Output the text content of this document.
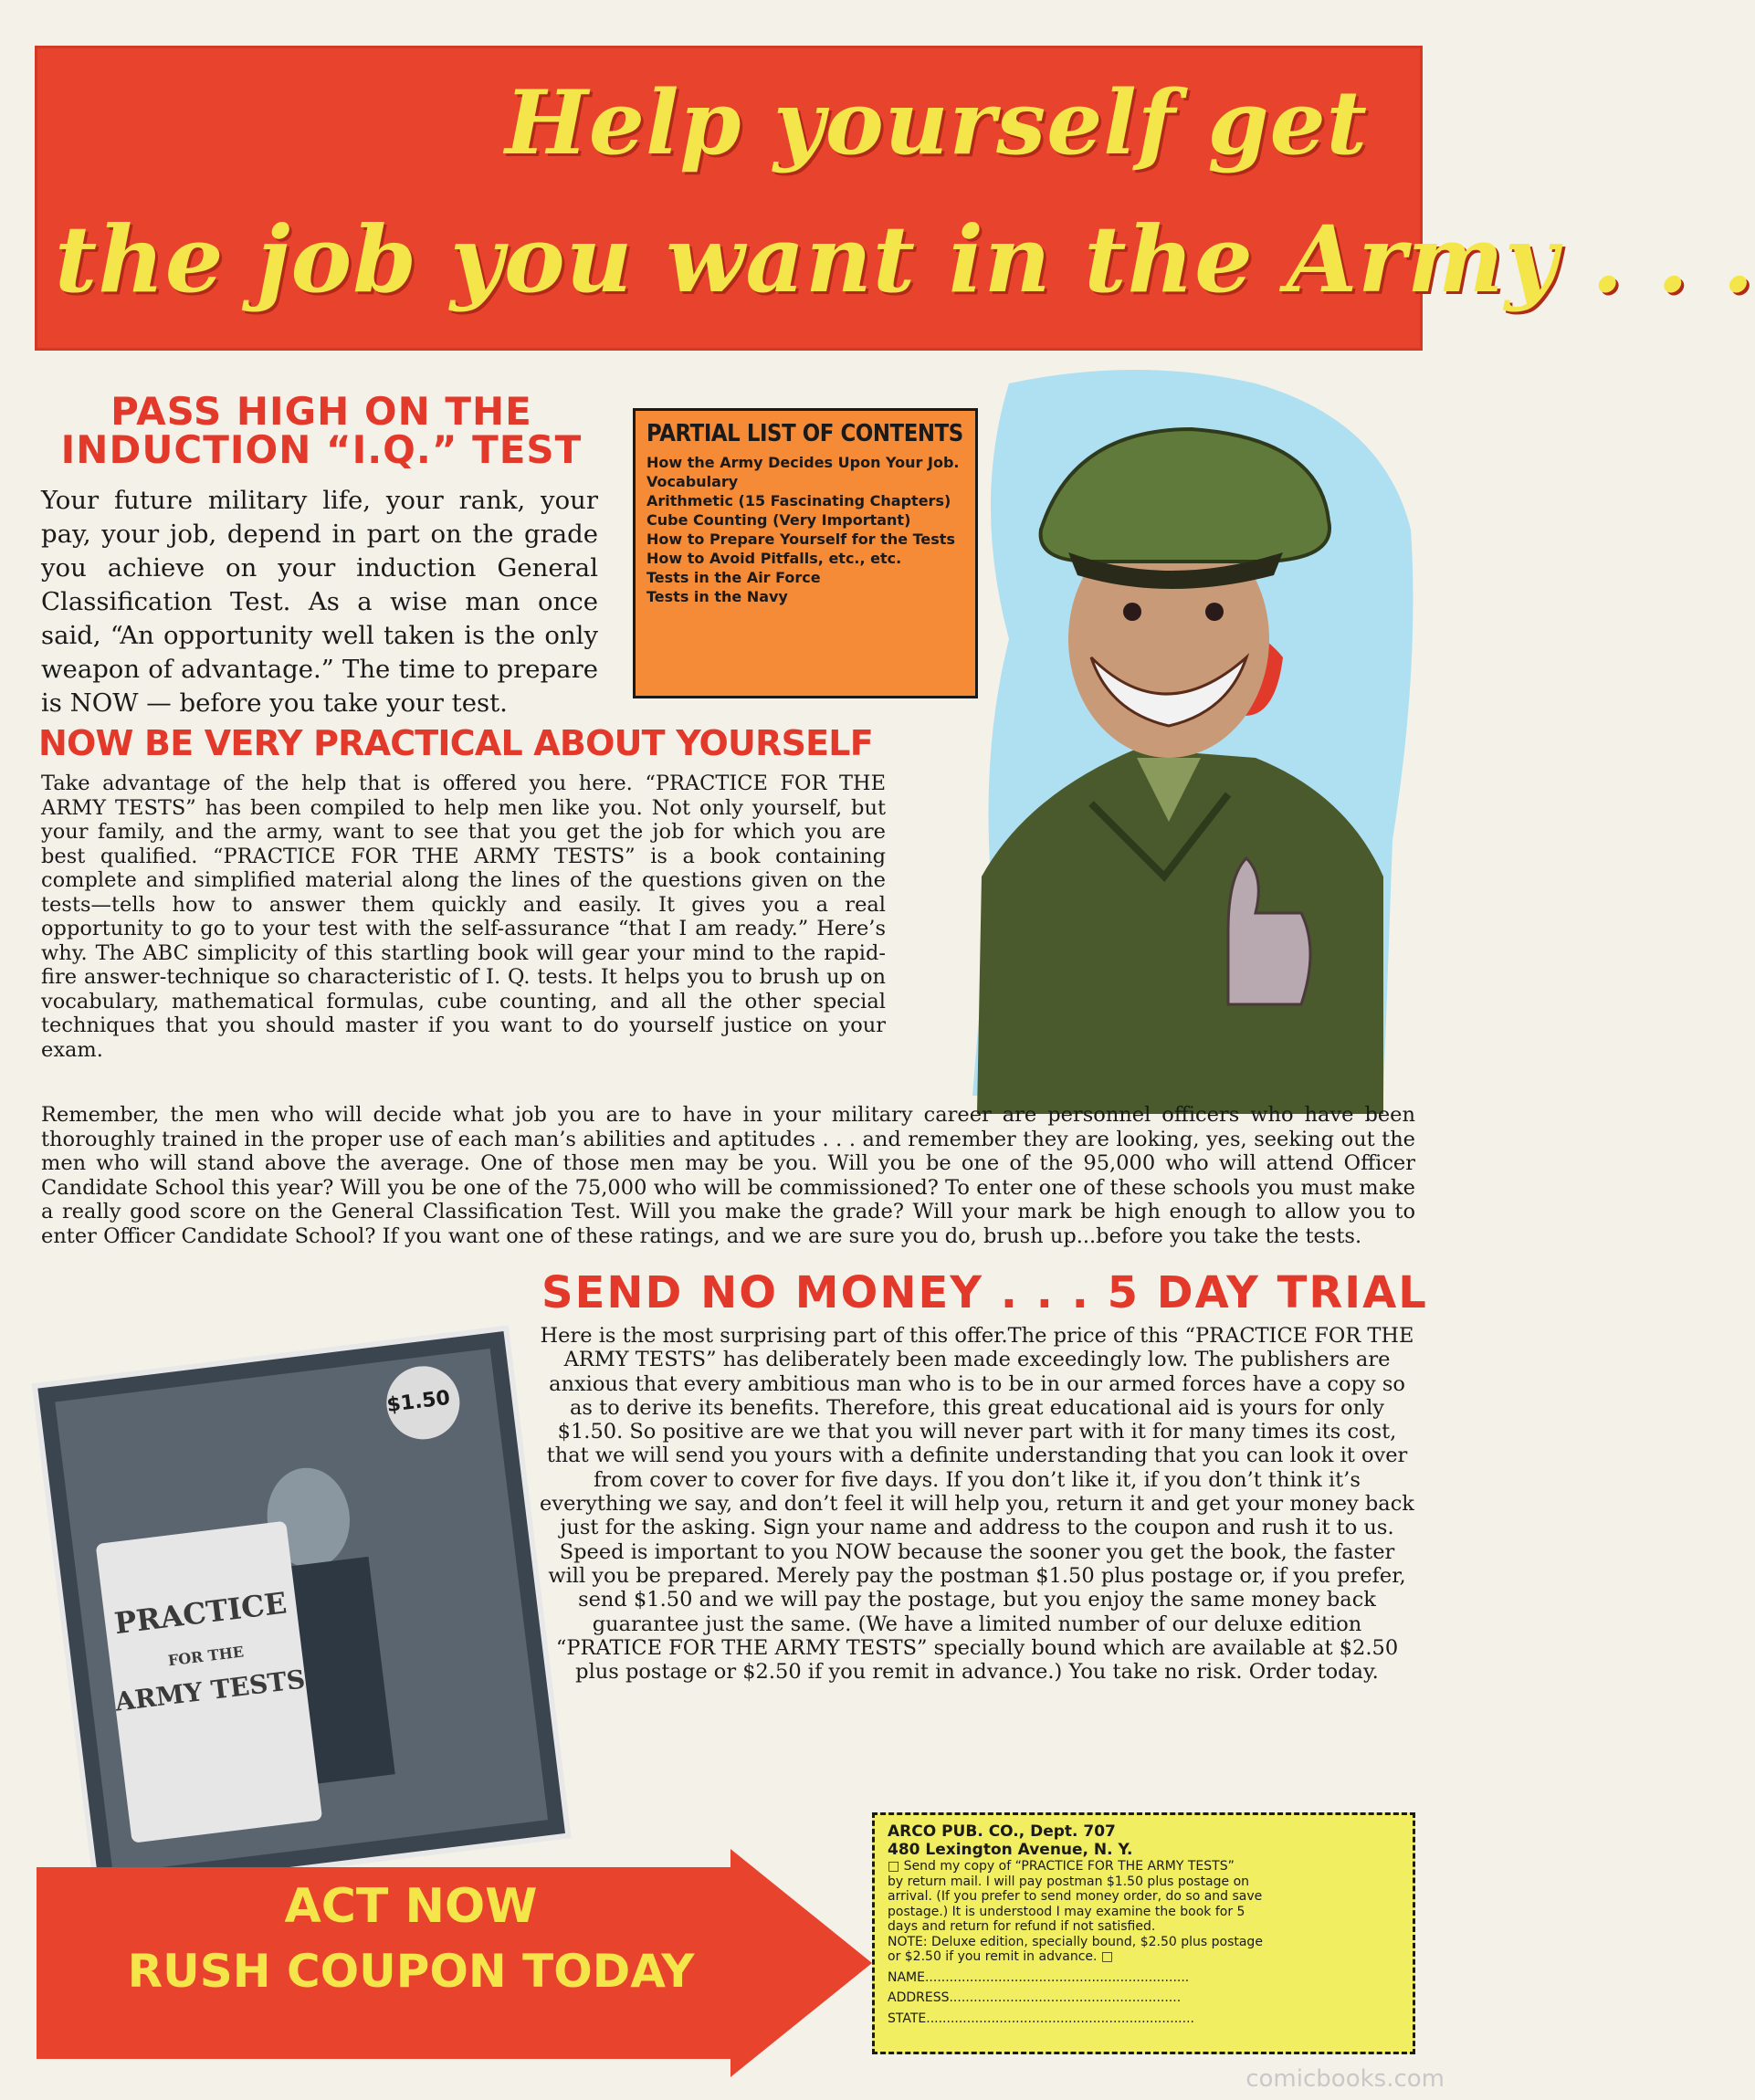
Help yourself get
the job you want in the Army . . .
PASS HIGH ON THE INDUCTION “I.Q.” TEST
Your future military life, your rank, your pay, your job, depend in part on the grade you achieve on your induction General Classification Test. As a wise man once said, “An opportunity well taken is the only weapon of advantage.” The time to prepare is NOW — before you take your test.
PARTIAL LIST OF CONTENTS
How the Army Decides Upon Your Job.
Vocabulary
Arithmetic (15 Fascinating Chapters)
Cube Counting (Very Important)
How to Prepare Yourself for the Tests
How to Avoid Pitfalls, etc., etc.
Tests in the Air Force
Tests in the Navy
NOW BE VERY PRACTICAL ABOUT YOURSELF
Take advantage of the help that is offered you here. “PRACTICE FOR THE ARMY TESTS” has been compiled to help men like you. Not only yourself, but your family, and the army, want to see that you get the job for which you are best qualified. “PRACTICE FOR THE ARMY TESTS” is a book containing complete and simplified material along the lines of the questions given on the tests—tells how to answer them quickly and easily. It gives you a real opportunity to go to your test with the self-assurance “that I am ready.” Here’s why. The ABC simplicity of this startling book will gear your mind to the rapid-fire answer-technique so characteristic of I. Q. tests. It helps you to brush up on vocabulary, mathematical formulas, cube counting, and all the other special techniques that you should master if you want to do yourself justice on your exam.
Remember, the men who will decide what job you are to have in your military career are personnel officers who have been thoroughly trained in the proper use of each man’s abilities and aptitudes . . . and remember they are looking, yes, seeking out the men who will stand above the average. One of those men may be you. Will you be one of the 95,000 who will attend Officer Candidate School this year? Will you be one of the 75,000 who will be commissioned? To enter one of these schools you must make a really good score on the General Classification Test. Will you make the grade? Will your mark be high enough to allow you to enter Officer Candidate School? If you want one of these ratings, and we are sure you do, brush up...before you take the tests.
SEND NO MONEY . . . 5 DAY TRIAL
Here is the most surprising part of this offer.The price of this “PRACTICE FOR THE ARMY TESTS” has deliberately been made exceedingly low. The publishers are anxious that every ambitious man who is to be in our armed forces have a copy so as to derive its benefits. Therefore, this great educational aid is yours for only $1.50. So positive are we that you will never part with it for many times its cost, that we will send you yours with a definite understanding that you can look it over from cover to cover for five days. If you don’t like it, if you don’t think it’s everything we say, and don’t feel it will help you, return it and get your money back just for the asking. Sign your name and address to the coupon and rush it to us. Speed is important to you NOW because the sooner you get the book, the faster will you be prepared. Merely pay the postman $1.50 plus postage or, if you prefer, send $1.50 and we will pay the postage, but you enjoy the same money back guarantee just the same. (We have a limited number of our deluxe edition “PRATICE FOR THE ARMY TESTS” specially bound which are available at $2.50 plus postage or $2.50 if you remit in advance.) You take no risk. Order today.
$1.50
PRACTICE
FOR THE
ARMY TESTS
ACT NOW
RUSH COUPON TODAY
ARCO PUB. CO., Dept. 707
480 Lexington Avenue, N. Y.
□ Send my copy of “PRACTICE FOR THE ARMY TESTS”
by return mail. I will pay postman $1.50 plus postage on
arrival. (If you prefer to send money order, do so and save
postage.) It is understood I may examine the book for 5
days and return for refund if not satisfied.
NOTE: Deluxe edition, specially bound, $2.50 plus postage
or $2.50 if you remit in advance. □
NAME.................................................................
ADDRESS.........................................................
STATE..................................................................
comicbooks.com
